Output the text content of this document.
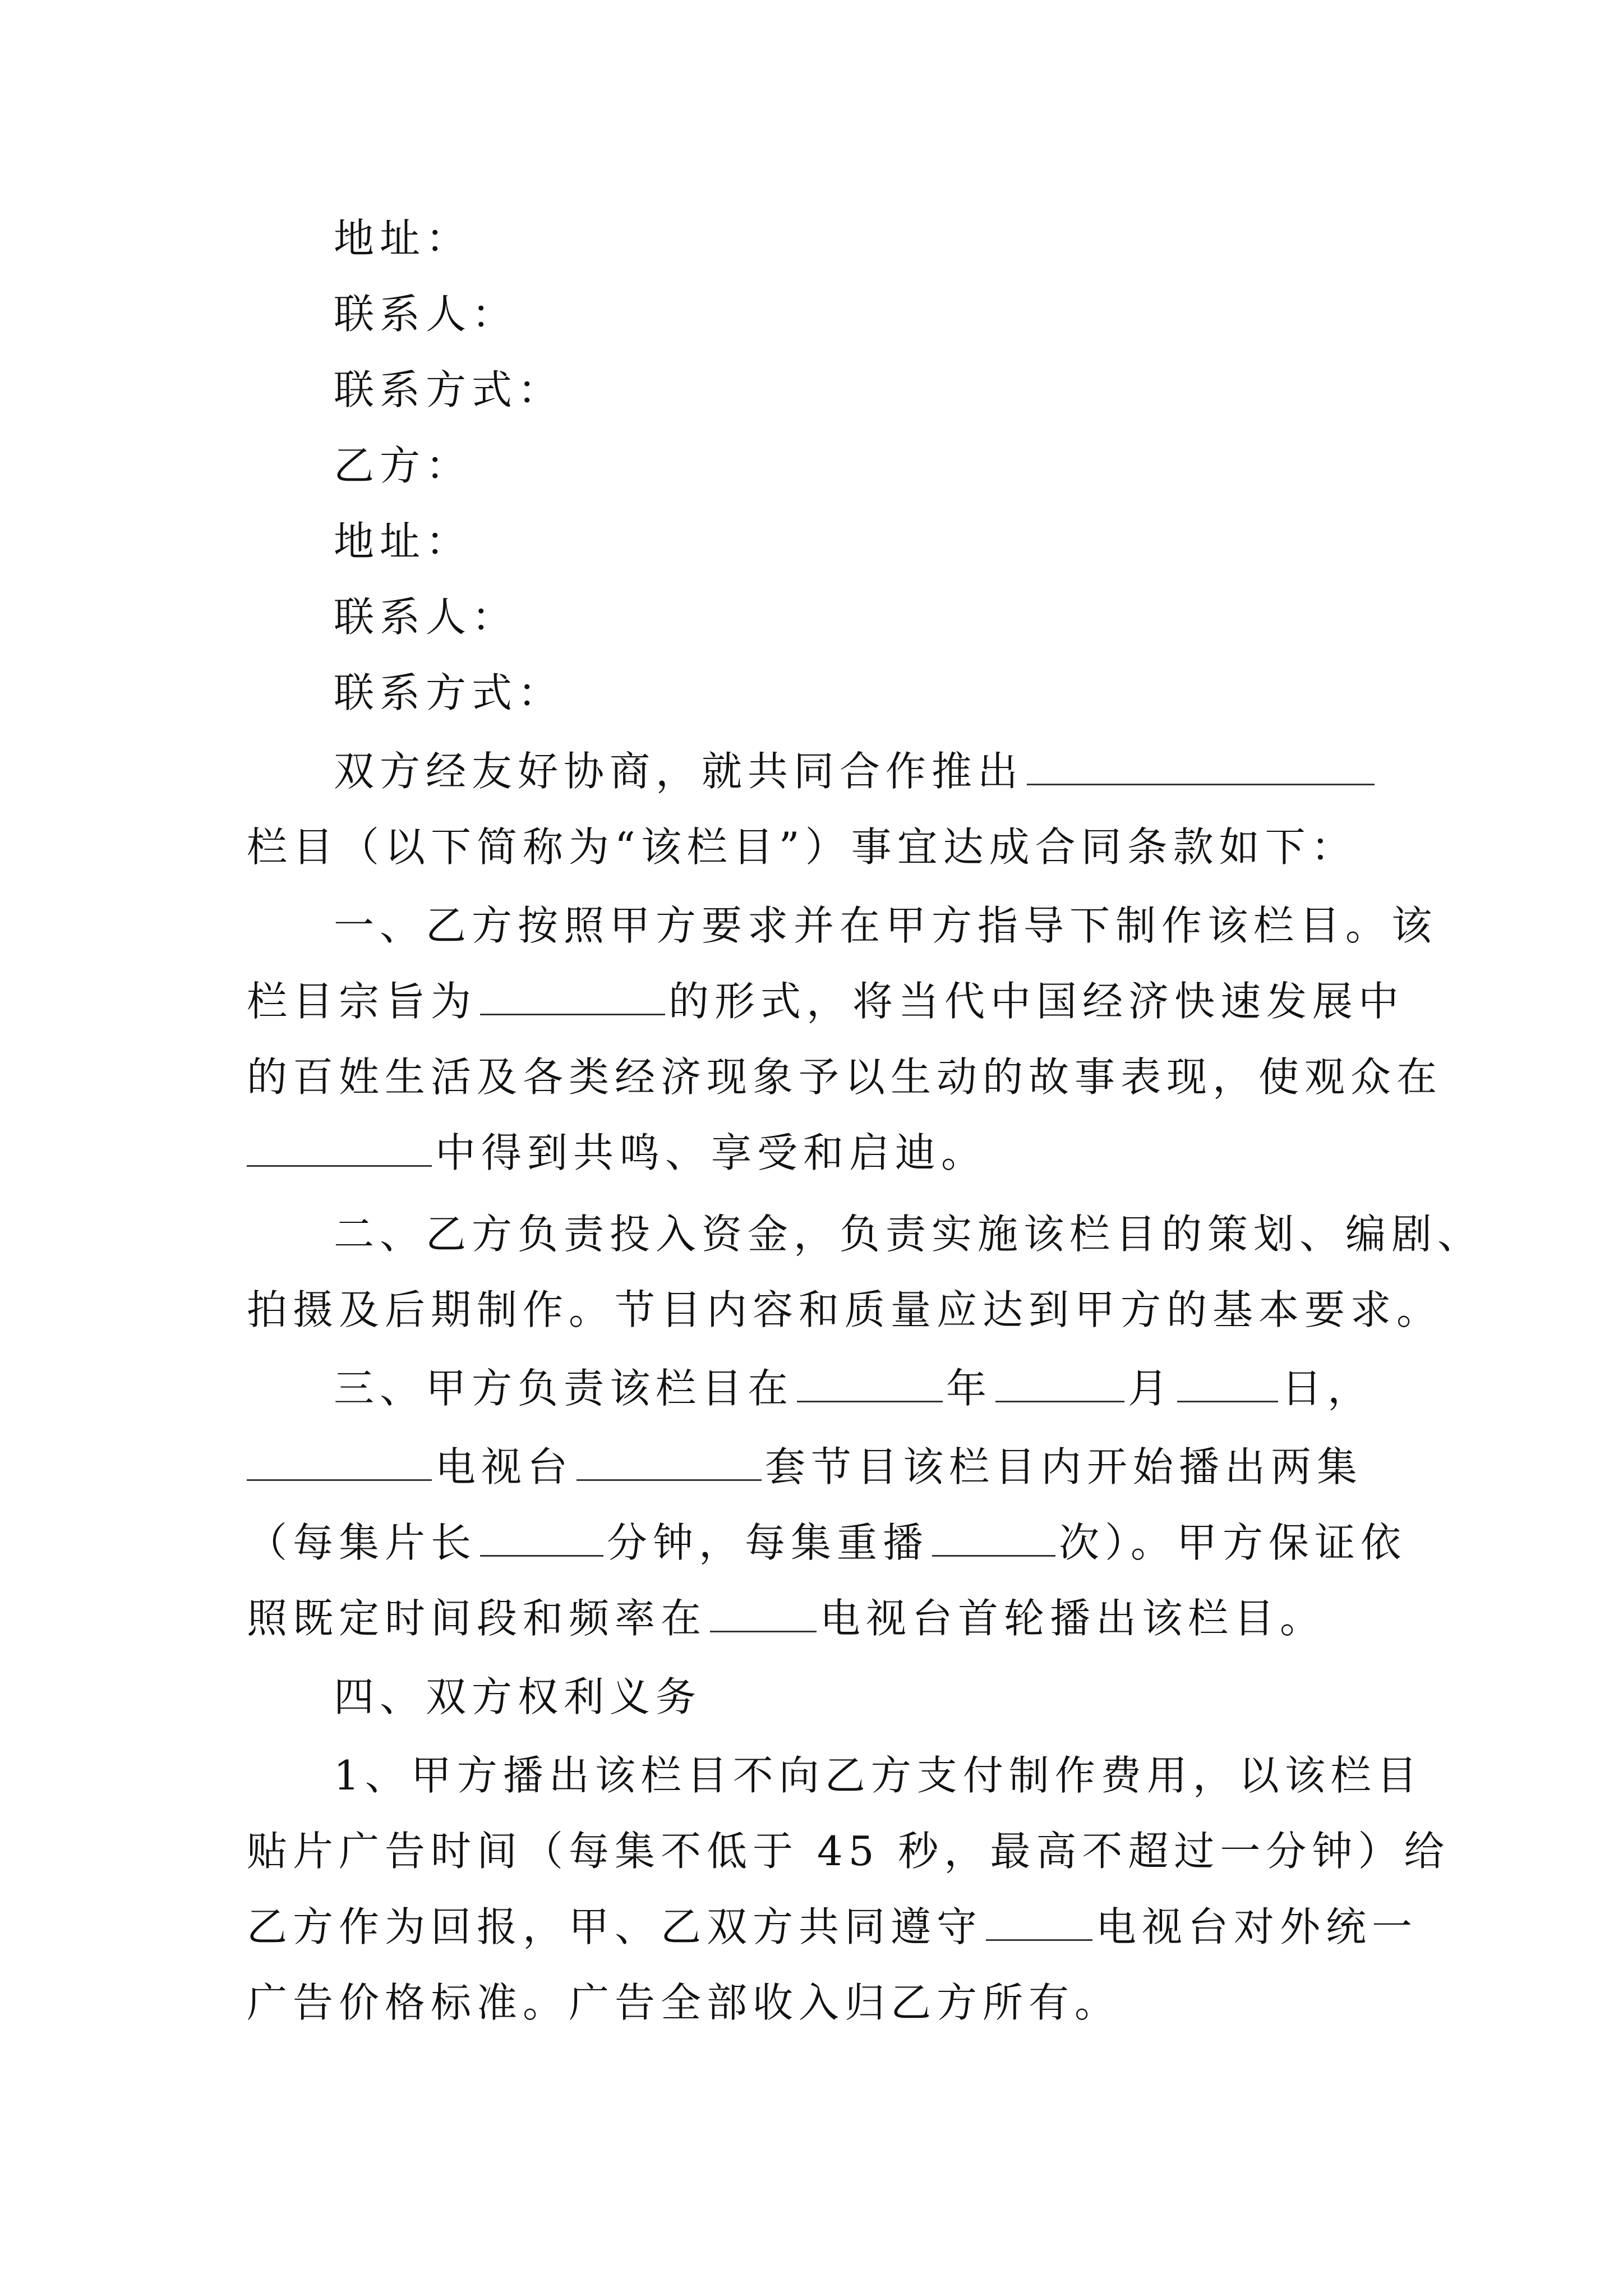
地址：
联系人：
联系方式：
乙方：
地址：
联系人：
联系方式：
双方经友好协商，就共同合作推出
栏目（以下简称为“该栏目”）事宜达成合同条款如下：
一、乙方按照甲方要求并在甲方指导下制作该栏目。该
栏目宗旨为	的形式，将当代中国经济快速发展中
的百姓生活及各类经济现象予以生动的故事表现，使观众在
中得到共鸣、享受和启迪。
二、乙方负责投入资金，负责实施该栏目的策划、编剧、
拍摄及后期制作。节目内容和质量应达到甲方的基本要求。
三、甲方负责该栏目在	年	月	日，
电视台	套节目该栏目内开始播出两集
（每集片长	分钟，每集重播	次）。甲方保证依
照既定时间段和频率在	电视台首轮播出该栏目。
四、双方权利义务
1、甲方播出该栏目不向乙方支付制作费用，以该栏目
贴片广告时间（每集不低于 45 秒，最高不超过一分钟）给
乙方作为回报，甲、乙双方共同遵守	电视台对外统一
广告价格标准。广告全部收入归乙方所有。
